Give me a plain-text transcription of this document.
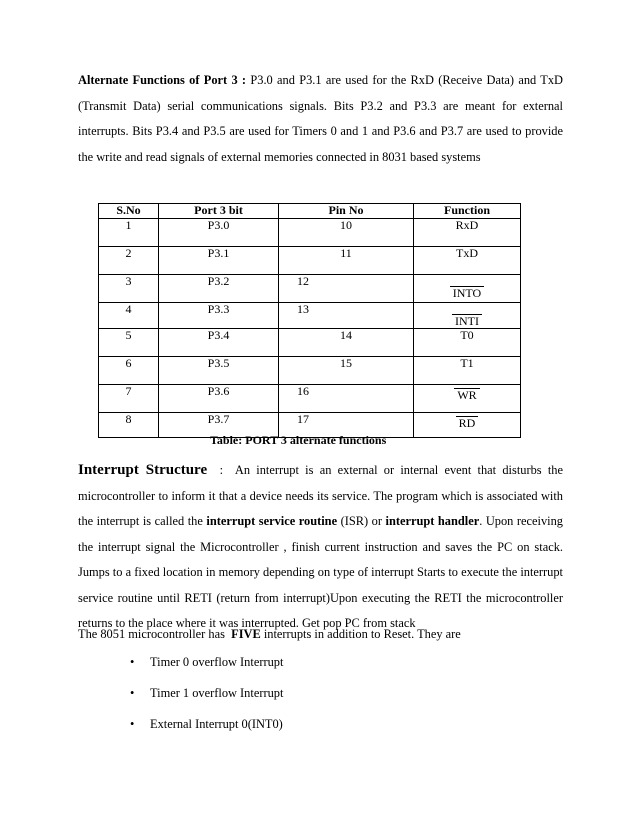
Alternate Functions of Port 3 : P3.0 and P3.1 are used for the RxD (Receive Data) and TxD (Transmit Data) serial communications signals. Bits P3.2 and P3.3 are meant for external interrupts. Bits P3.4 and P3.5 are used for Timers 0 and 1 and P3.6 and P3.7 are used to provide the write and read signals of external memories connected in 8031 based systems
S.No	Port 3 bit	Pin No	Function
1	P3.0	10	RxD
2	P3.1	11	TxD
3	P3.2	12	INTO
4	P3.3	13	INTI
5	P3.4	14	T0
6	P3.5	15	T1
7	P3.6	16	WR
8	P3.7	17	RD
Table: PORT 3 alternate functions
Interrupt Structure  :  An interrupt is an external or internal event that disturbs the microcontroller to inform it that a device needs its service. The program which is associated with the interrupt is called the interrupt service routine (ISR) or interrupt handler. Upon receiving the interrupt signal the Microcontroller , finish current instruction and saves the PC on stack. Jumps to a fixed location in memory depending on type of interrupt Starts to execute the interrupt service routine until RETI (return from interrupt)Upon executing the RETI the microcontroller returns to the place where it was interrupted. Get pop PC from stack
The 8051 microcontroller has  FIVE interrupts in addition to Reset. They are
• Timer 0 overflow Interrupt
• Timer 1 overflow Interrupt
• External Interrupt 0(INT0)
